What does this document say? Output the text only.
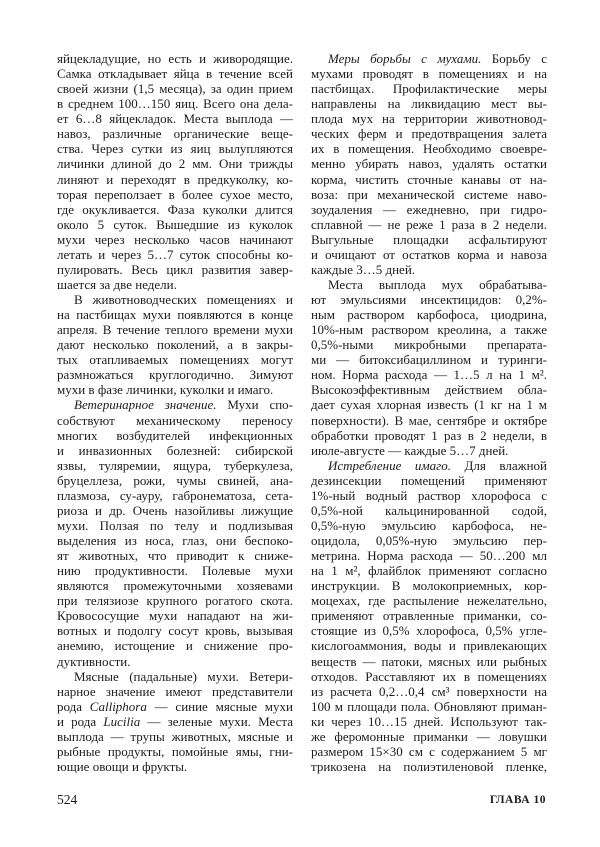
яйцекладущие, но есть и живородящие.
Самка откладывает яйца в течение всей
своей жизни (1,5 месяца), за один прием
в среднем 100…150 яиц. Всего она дела-
ет 6…8 яйцекладок. Места выплода —
навоз, различные органические веще-
ства. Через сутки из яиц вылупляются
личинки длиной до 2 мм. Они трижды
линяют и переходят в предкуколку, ко-
торая переползает в более сухое место,
где окукливается. Фаза куколки длится
около 5 суток. Вышедшие из куколок
мухи через несколько часов начинают
летать и через 5…7 суток способны ко-
пулировать. Весь цикл развития завер-
шается за две недели.
В животноводческих помещениях и
на пастбищах мухи появляются в конце
апреля. В течение теплого времени мухи
дают несколько поколений, а в закры-
тых отапливаемых помещениях могут
размножаться круглогодично. Зимуют
мухи в фазе личинки, куколки и имаго.
Ветеринарное значение. Мухи спо-
собствуют механическому переносу
многих возбудителей инфекционных
и инвазионных болезней: сибирской
язвы, туляремии, ящура, туберкулеза,
бруцеллеза, рожи, чумы свиней, ана-
плазмоза, су-ауру, габронематоза, сета-
риоза и др. Очень назойливы лижущие
мухи. Ползая по телу и подлизывая
выделения из носа, глаз, они беспоко-
ят животных, что приводит к сниже-
нию продуктивности. Полевые мухи
являются промежуточными хозяевами
при телязиозе крупного рогатого скота.
Кровососущие мухи нападают на жи-
вотных и подолгу сосут кровь, вызывая
анемию, истощение и снижение про-
дуктивности.
Мясные (падальные) мухи. Ветери-
нарное значение имеют представители
рода Calliphora — синие мясные мухи
и рода Lucilia — зеленые мухи. Места
выплода — трупы животных, мясные и
рыбные продукты, помойные ямы, гни-
ющие овощи и фрукты.
Меры борьбы с мухами. Борьбу с
мухами проводят в помещениях и на
пастбищах. Профилактические меры
направлены на ликвидацию мест вы-
плода мух на территории животновод-
ческих ферм и предотвращения залета
их в помещения. Необходимо своевре-
менно убирать навоз, удалять остатки
корма, чистить сточные канавы от на-
воза: при механической системе наво-
зоудаления — ежедневно, при гидро-
сплавной — не реже 1 раза в 2 недели.
Выгульные площадки асфальтируют
и очищают от остатков корма и навоза
каждые 3…5 дней.
Места выплода мух обрабатыва-
ют эмульсиями инсектицидов: 0,2%-
ным раствором карбофоса, циодрина,
10%-ным раствором креолина, а также
0,5%-ными микробными препарата-
ми — битоксибациллином и туринги-
ном. Норма расхода — 1…5 л на 1 м².
Высокоэффективным действием обла-
дает сухая хлорная известь (1 кг на 1 м
поверхности). В мае, сентябре и октябре
обработки проводят 1 раз в 2 недели, в
июле-августе — каждые 5…7 дней.
Истребление имаго. Для влажной
дезинсекции помещений применяют
1%-ный водный раствор хлорофоса с
0,5%-ной кальцинированной содой,
0,5%-ную эмульсию карбофоса, не-
оцидола, 0,05%-ную эмульсию пер-
метрина. Норма расхода — 50…200 мл
на 1 м², флайблок применяют согласно
инструкции. В молокоприемных, кор-
моцехах, где распыление нежелательно,
применяют отравленные приманки, со-
стоящие из 0,5% хлорофоса, 0,5% угле-
кислогоаммония, воды и привлекающих
веществ — патоки, мясных или рыбных
отходов. Расставляют их в помещениях
из расчета 0,2…0,4 см³ поверхности на
100 м площади пола. Обновляют приман-
ки через 10…15 дней. Используют так-
же феромонные приманки — ловушки
размером 15×30 см с содержанием 5 мг
трикозена на полиэтиленовой пленке,
524	ГЛАВА 10
